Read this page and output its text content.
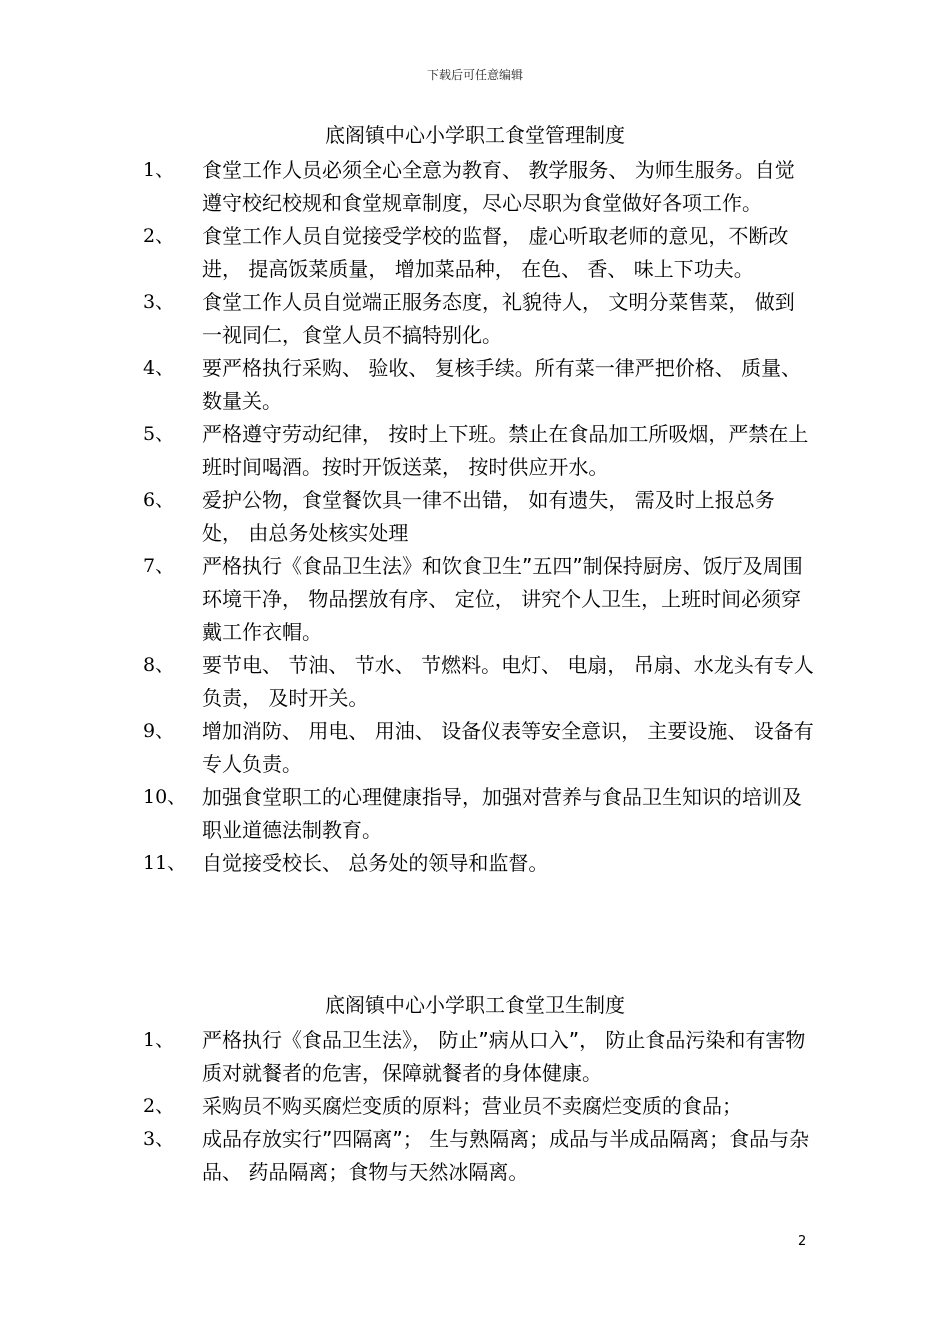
下载后可任意编辑
底阁镇中心小学职工食堂管理制度
1、 食堂工作人员必须全心全意为教育、 教学服务、 为师生服务。自觉遵守校纪校规和食堂规章制度，尽心尽职为食堂做好各项工作。
2、 食堂工作人员自觉接受学校的监督， 虚心听取老师的意见，不断改进， 提高饭菜质量， 增加菜品种， 在色、 香、 味上下功夫。
3、 食堂工作人员自觉端正服务态度，礼貌待人， 文明分菜售菜， 做到一视同仁，食堂人员不搞特别化。
4、 要严格执行采购、 验收、 复核手续。所有菜一律严把价格、 质量、 数量关。
5、 严格遵守劳动纪律， 按时上下班。禁止在食品加工所吸烟，严禁在上班时间喝酒。按时开饭送菜， 按时供应开水。
6、 爱护公物，食堂餐饮具一律不出错， 如有遗失， 需及时上报总务处， 由总务处核实处理
7、 严格执行《食品卫生法》和饮食卫生”五四”制保持厨房、饭厅及周围环境干净， 物品摆放有序、 定位， 讲究个人卫生，上班时间必须穿戴工作衣帽。
8、 要节电、 节油、 节水、 节燃料。电灯、 电扇， 吊扇、水龙头有专人负责， 及时开关。
9、 增加消防、 用电、 用油、 设备仪表等安全意识， 主要设施、 设备有专人负责。
10、 加强食堂职工的心理健康指导，加强对营养与食品卫生知识的培训及职业道德法制教育。
11、 自觉接受校长、 总务处的领导和监督。
底阁镇中心小学职工食堂卫生制度
1、 严格执行《食品卫生法》， 防止”病从口入”， 防止食品污染和有害物质对就餐者的危害，保障就餐者的身体健康。
2、	采购员不购买腐烂变质的原料；营业员不卖腐烂变质的食品；
3、 成品存放实行”四隔离”； 生与熟隔离；成品与半成品隔离；食品与杂品、 药品隔离；食物与天然冰隔离。
2
